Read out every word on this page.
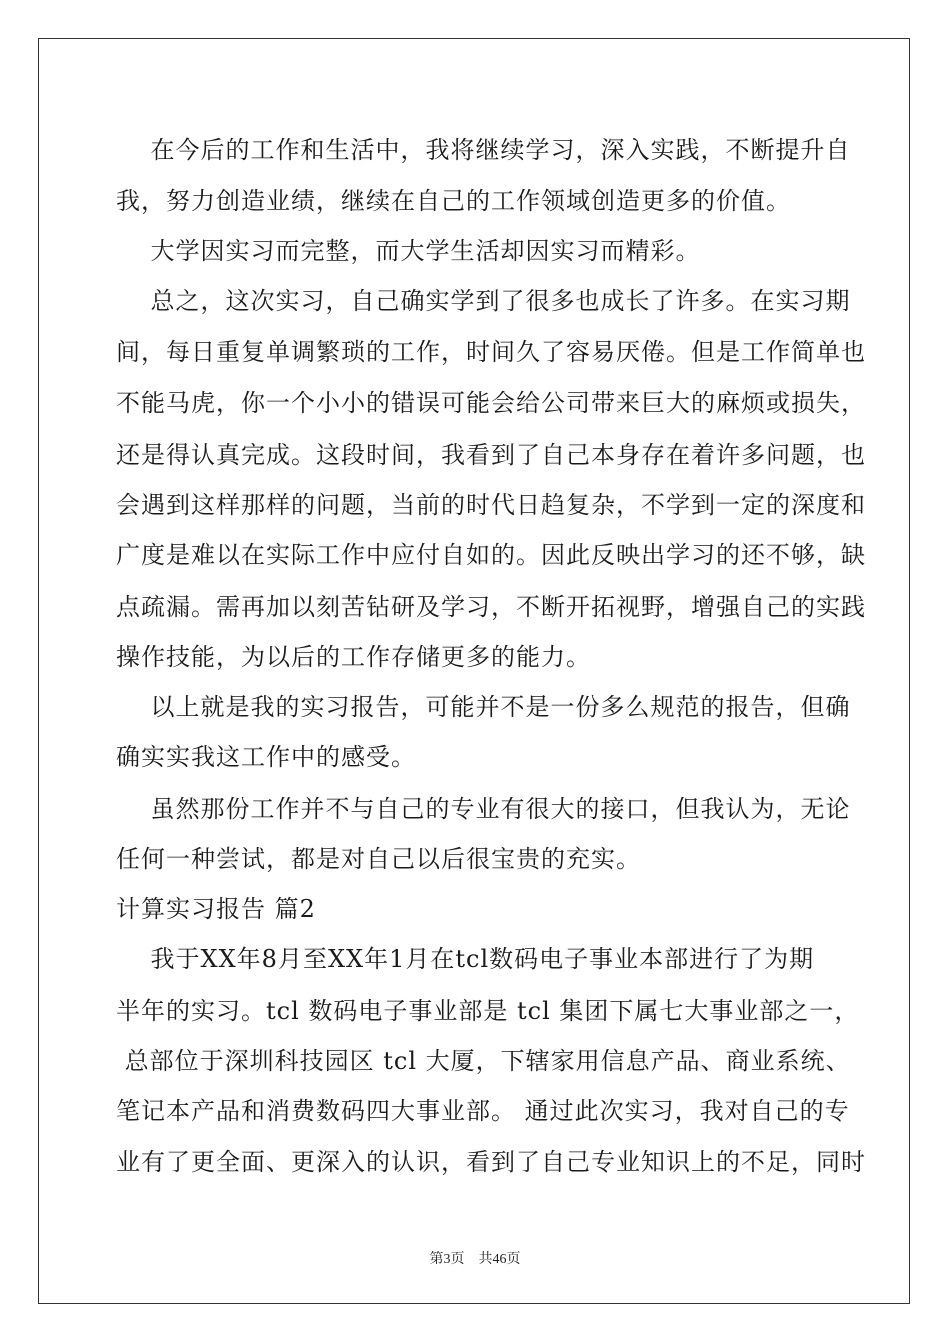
在今后的工作和生活中，我将继续学习，深入实践，不断提升自
我，努力创造业绩，继续在自己的工作领域创造更多的价值。
大学因实习而完整，而大学生活却因实习而精彩。
总之，这次实习，自己确实学到了很多也成长了许多。在实习期
间，每日重复单调繁琐的工作，时间久了容易厌倦。但是工作简单也
不能马虎，你一个小小的错误可能会给公司带来巨大的麻烦或损失，
还是得认真完成。这段时间，我看到了自己本身存在着许多问题，也
会遇到这样那样的问题，当前的时代日趋复杂，不学到一定的深度和
广度是难以在实际工作中应付自如的。因此反映出学习的还不够，缺
点疏漏。需再加以刻苦钻研及学习，不断开拓视野，增强自己的实践
操作技能，为以后的工作存储更多的能力。
以上就是我的实习报告，可能并不是一份多么规范的报告，但确
确实实我这工作中的感受。
虽然那份工作并不与自己的专业有很大的接口，但我认为，无论
任何一种尝试，都是对自己以后很宝贵的充实。
计算实习报告 篇2
我于XX年8月至XX年1月在tcl数码电子事业本部进行了为期
半年的实习。tcl 数码电子事业部是 tcl 集团下属七大事业部之一，
总部位于深圳科技园区 tcl 大厦，下辖家用信息产品、商业系统、
笔记本产品和消费数码四大事业部。 通过此次实习，我对自己的专
业有了更全面、更深入的认识，看到了自己专业知识上的不足，同时
第3页 共46页
